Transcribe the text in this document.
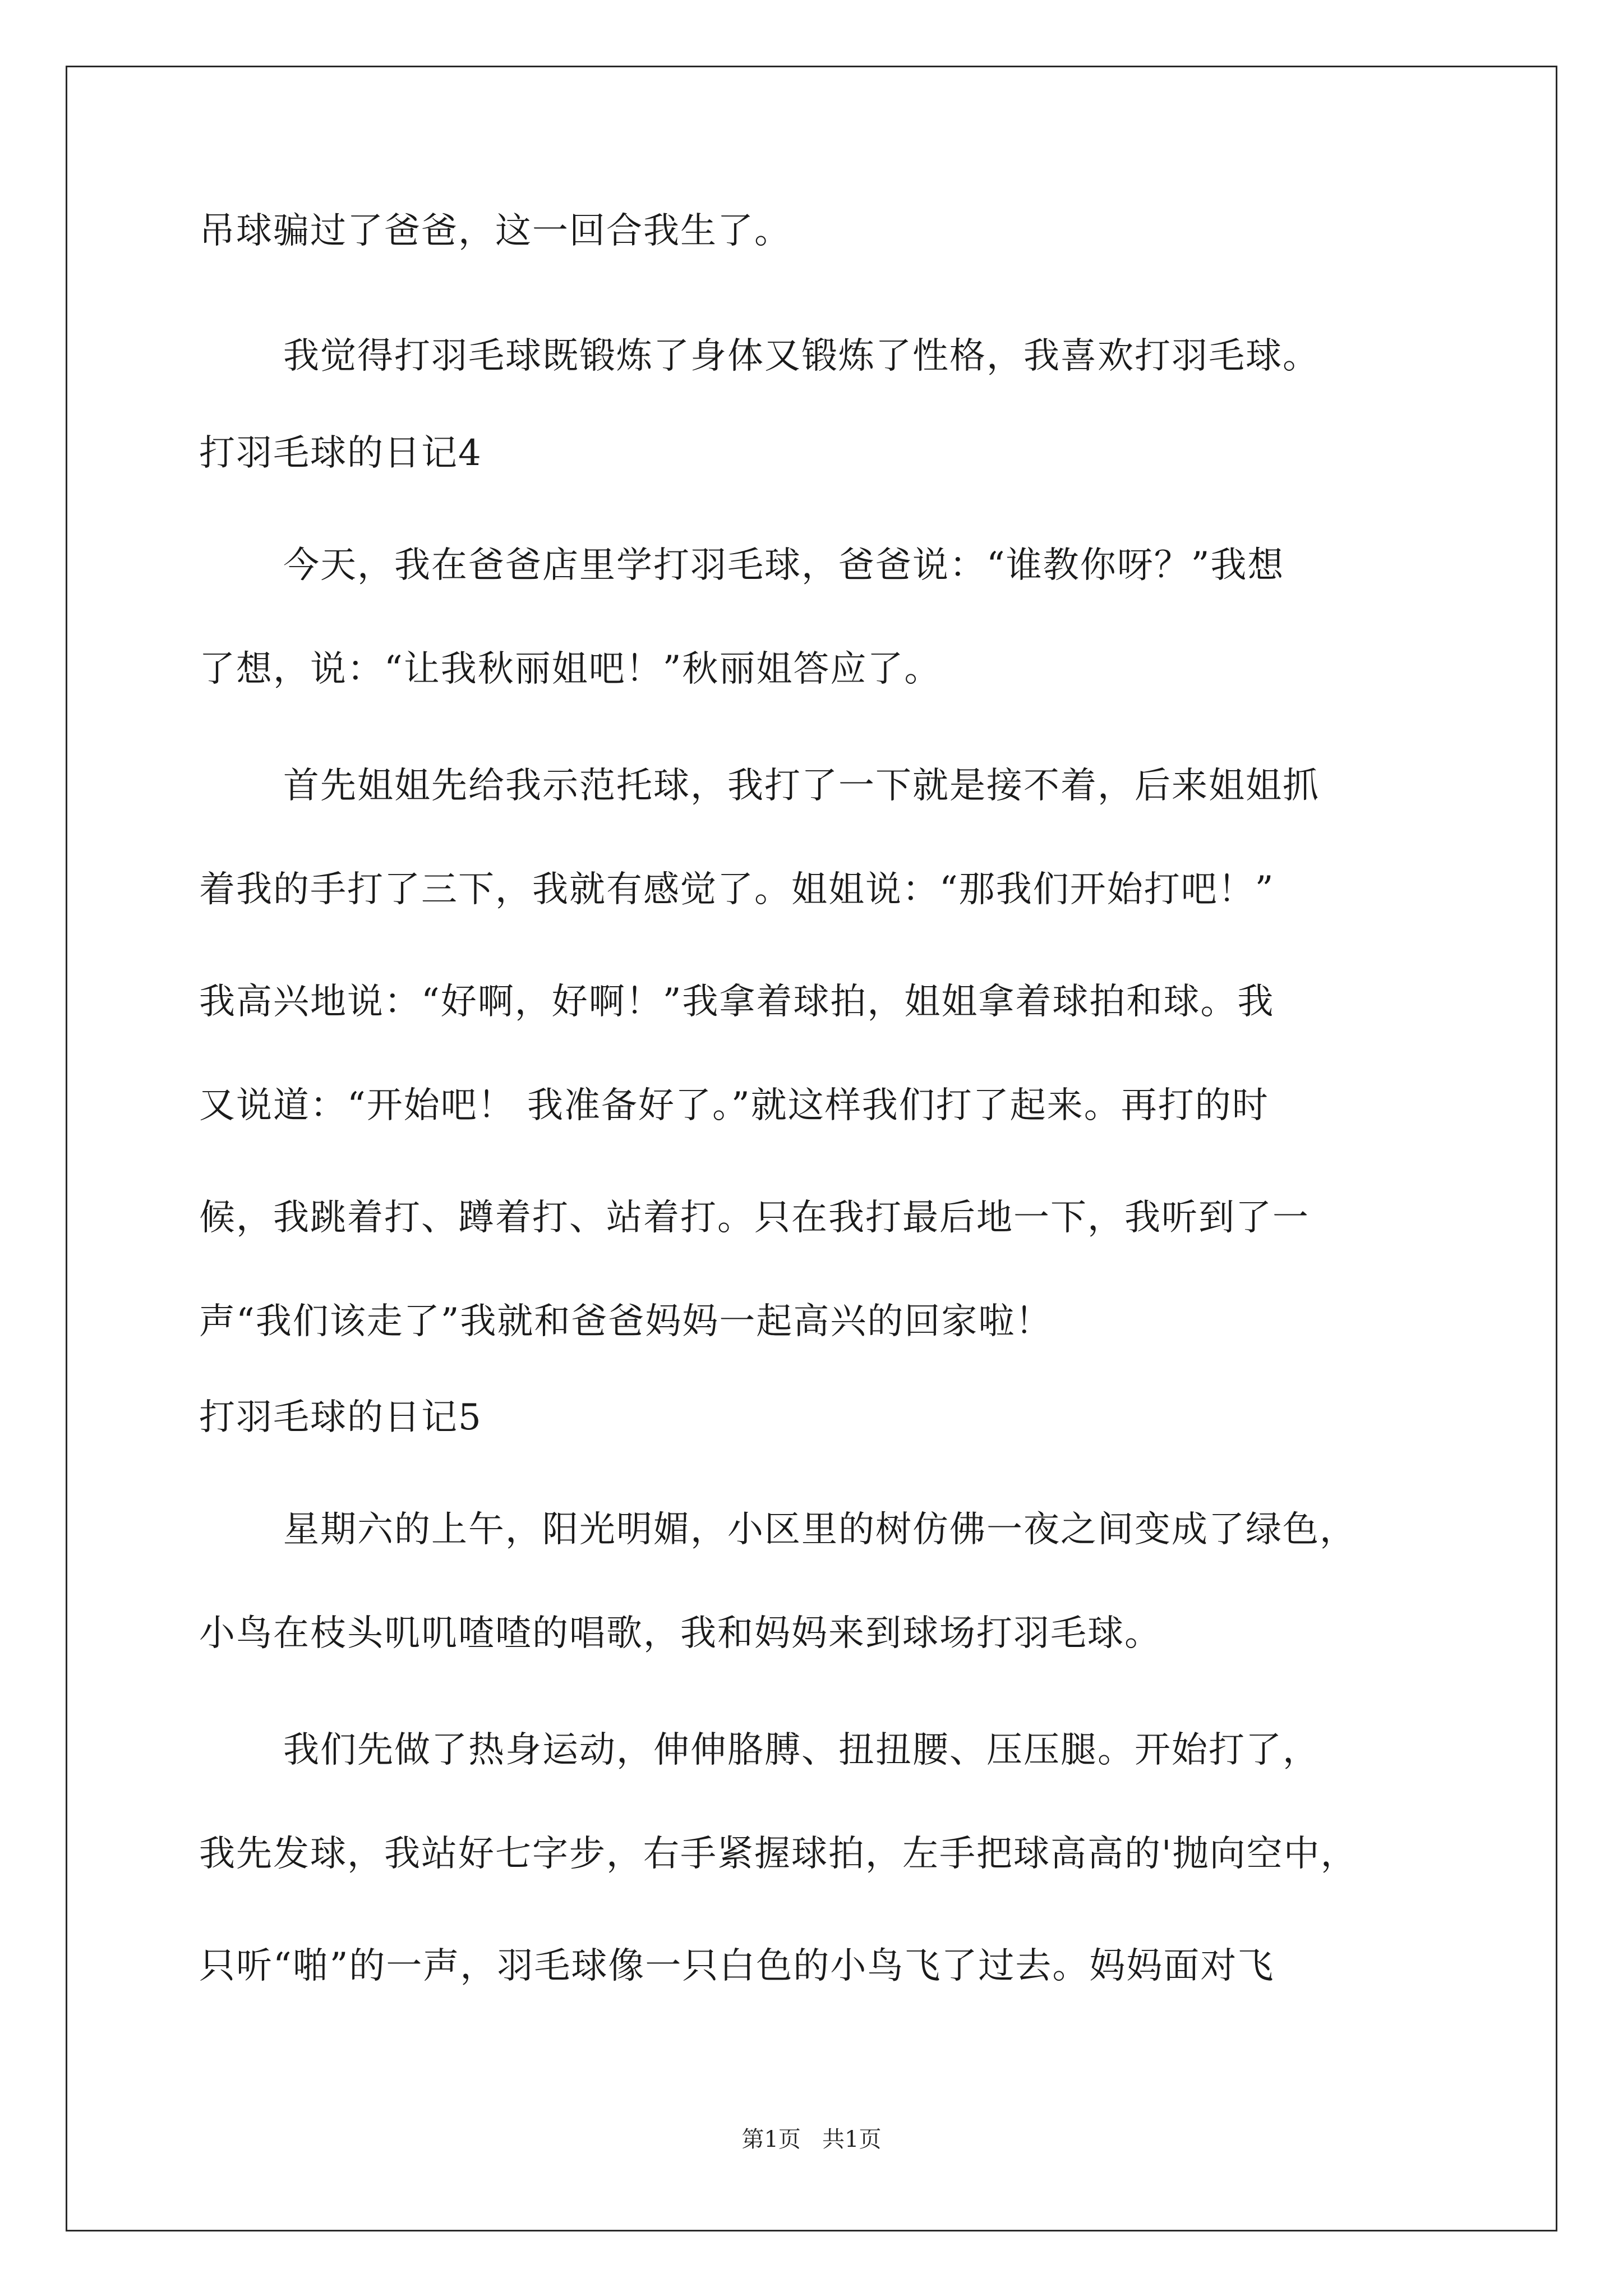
吊球骗过了爸爸，这一回合我生了。
我觉得打羽毛球既锻炼了身体又锻炼了性格，我喜欢打羽毛球。
打羽毛球的日记4
今天，我在爸爸店里学打羽毛球，爸爸说：“谁教你呀？”我想
了想，说：“让我秋丽姐吧！”秋丽姐答应了。
首先姐姐先给我示范托球，我打了一下就是接不着，后来姐姐抓
着我的手打了三下，我就有感觉了。姐姐说：“那我们开始打吧！”
我高兴地说：“好啊，好啊！”我拿着球拍，姐姐拿着球拍和球。我
又说道：“开始吧！ 我准备好了。”就这样我们打了起来。再打的时
候，我跳着打、蹲着打、站着打。只在我打最后地一下，我听到了一
声“我们该走了”我就和爸爸妈妈一起高兴的回家啦！
打羽毛球的日记5
星期六的上午，阳光明媚，小区里的树仿佛一夜之间变成了绿色，
小鸟在枝头叽叽喳喳的唱歌，我和妈妈来到球场打羽毛球。
我们先做了热身运动，伸伸胳膊、扭扭腰、压压腿。开始打了，
我先发球，我站好七字步，右手紧握球拍，左手把球高高的'抛向空中，
只听“啪”的一声，羽毛球像一只白色的小鸟飞了过去。妈妈面对飞
第1页   共1页
